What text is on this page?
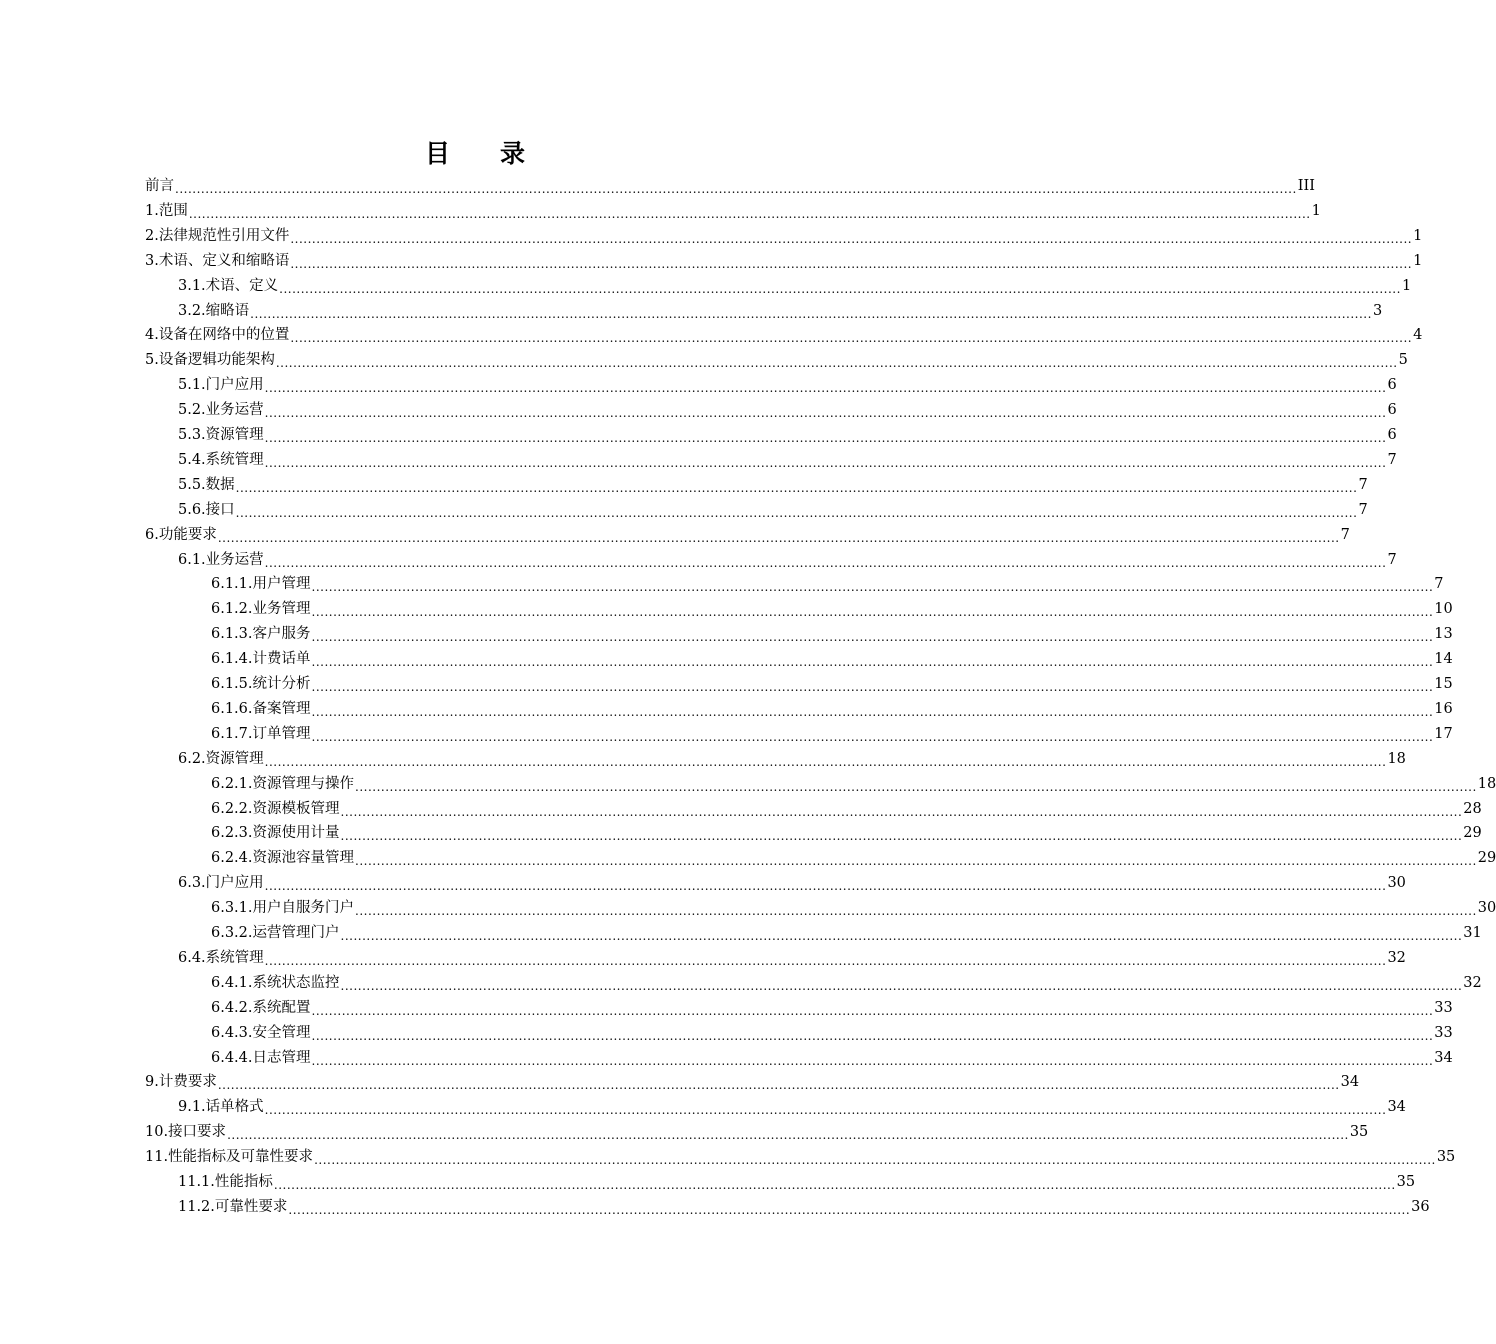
目　　录
前 言 .................................................................................................................................................................................................................................................................... III
1. 范围 .................................................................................................................................................................................................................................................................... 1
2. 法律规范性引用文件 .................................................................................................................................................................................................................................................................... 1
3. 术语、定义和缩略语 .................................................................................................................................................................................................................................................................... 1
3.1. 术语、定义 .................................................................................................................................................................................................................................................................... 1
3.2. 缩略语 .................................................................................................................................................................................................................................................................... 3
4. 设备在网络中的位置 .................................................................................................................................................................................................................................................................... 4
5. 设备逻辑功能架构 .................................................................................................................................................................................................................................................................... 5
5.1. 门户应用 .................................................................................................................................................................................................................................................................... 6
5.2. 业务运营 .................................................................................................................................................................................................................................................................... 6
5.3. 资源管理 .................................................................................................................................................................................................................................................................... 6
5.4. 系统管理 .................................................................................................................................................................................................................................................................... 7
5.5. 数据 .................................................................................................................................................................................................................................................................... 7
5.6. 接口 .................................................................................................................................................................................................................................................................... 7
6. 功能要求 .................................................................................................................................................................................................................................................................... 7
6.1. 业务运营 .................................................................................................................................................................................................................................................................... 7
6.1.1. 用户管理 .................................................................................................................................................................................................................................................................... 7
6.1.2. 业务管理 .................................................................................................................................................................................................................................................................... 10
6.1.3. 客户服务 .................................................................................................................................................................................................................................................................... 13
6.1.4. 计费话单 .................................................................................................................................................................................................................................................................... 14
6.1.5. 统计分析 .................................................................................................................................................................................................................................................................... 15
6.1.6. 备案管理 .................................................................................................................................................................................................................................................................... 16
6.1.7. 订单管理 .................................................................................................................................................................................................................................................................... 17
6.2. 资源管理 .................................................................................................................................................................................................................................................................... 18
6.2.1. 资源管理与操作 .................................................................................................................................................................................................................................................................... 18
6.2.2. 资源模板管理 .................................................................................................................................................................................................................................................................... 28
6.2.3. 资源使用计量 .................................................................................................................................................................................................................................................................... 29
6.2.4. 资源池容量管理 .................................................................................................................................................................................................................................................................... 29
6.3. 门户应用 .................................................................................................................................................................................................................................................................... 30
6.3.1. 用户自服务门户 .................................................................................................................................................................................................................................................................... 30
6.3.2. 运营管理门户 .................................................................................................................................................................................................................................................................... 31
6.4. 系统管理 .................................................................................................................................................................................................................................................................... 32
6.4.1. 系统状态监控 .................................................................................................................................................................................................................................................................... 32
6.4.2. 系统配置 .................................................................................................................................................................................................................................................................... 33
6.4.3. 安全管理 .................................................................................................................................................................................................................................................................... 33
6.4.4. 日志管理 .................................................................................................................................................................................................................................................................... 34
9. 计费要求 .................................................................................................................................................................................................................................................................... 34
9.1. 话单格式 .................................................................................................................................................................................................................................................................... 34
10. 接口要求 .................................................................................................................................................................................................................................................................... 35
11. 性能指标及可靠性要求 .................................................................................................................................................................................................................................................................... 35
11.1. 性能指标 .................................................................................................................................................................................................................................................................... 35
11.2. 可靠性要求 .................................................................................................................................................................................................................................................................... 36
